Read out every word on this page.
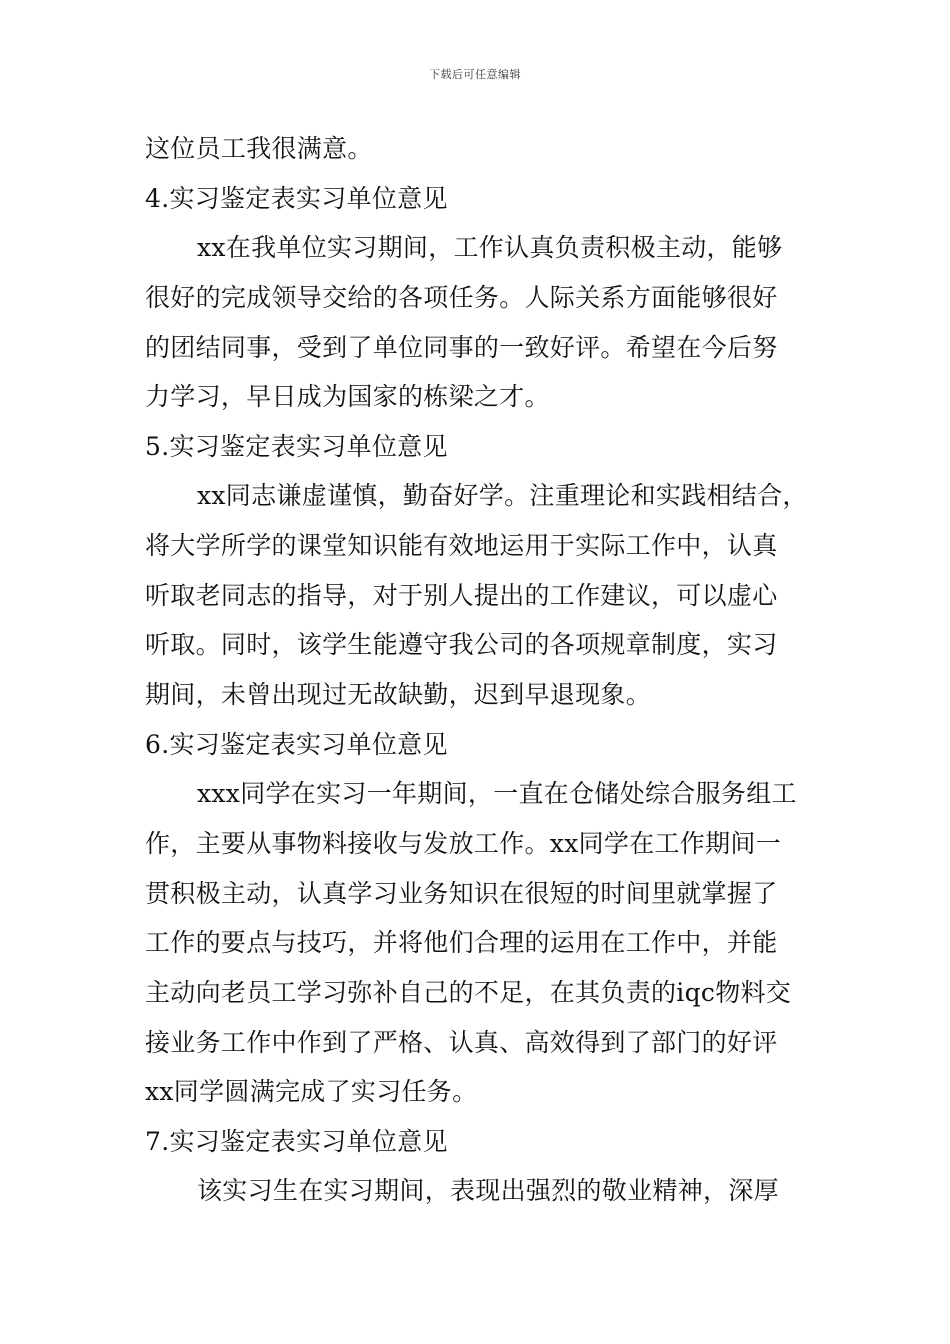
下载后可任意编辑
这位员工我很满意。
4.实习鉴定表实习单位意见
xx在我单位实习期间，工作认真负责积极主动，能够
很好的完成领导交给的各项任务。人际关系方面能够很好
的团结同事，受到了单位同事的一致好评。希望在今后努
力学习，早日成为国家的栋梁之才。
5.实习鉴定表实习单位意见
xx同志谦虚谨慎，勤奋好学。注重理论和实践相结合，
将大学所学的课堂知识能有效地运用于实际工作中，认真
听取老同志的指导，对于别人提出的工作建议，可以虚心
听取。同时，该学生能遵守我公司的各项规章制度，实习
期间，未曾出现过无故缺勤，迟到早退现象。
6.实习鉴定表实习单位意见
xxx同学在实习一年期间，一直在仓储处综合服务组工
作，主要从事物料接收与发放工作。xx同学在工作期间一
贯积极主动，认真学习业务知识在很短的时间里就掌握了
工作的要点与技巧，并将他们合理的运用在工作中，并能
主动向老员工学习弥补自己的不足，在其负责的iqc物料交
接业务工作中作到了严格、认真、高效得到了部门的好评
xx同学圆满完成了实习任务。
7.实习鉴定表实习单位意见
该实习生在实习期间，表现出强烈的敬业精神，深厚
